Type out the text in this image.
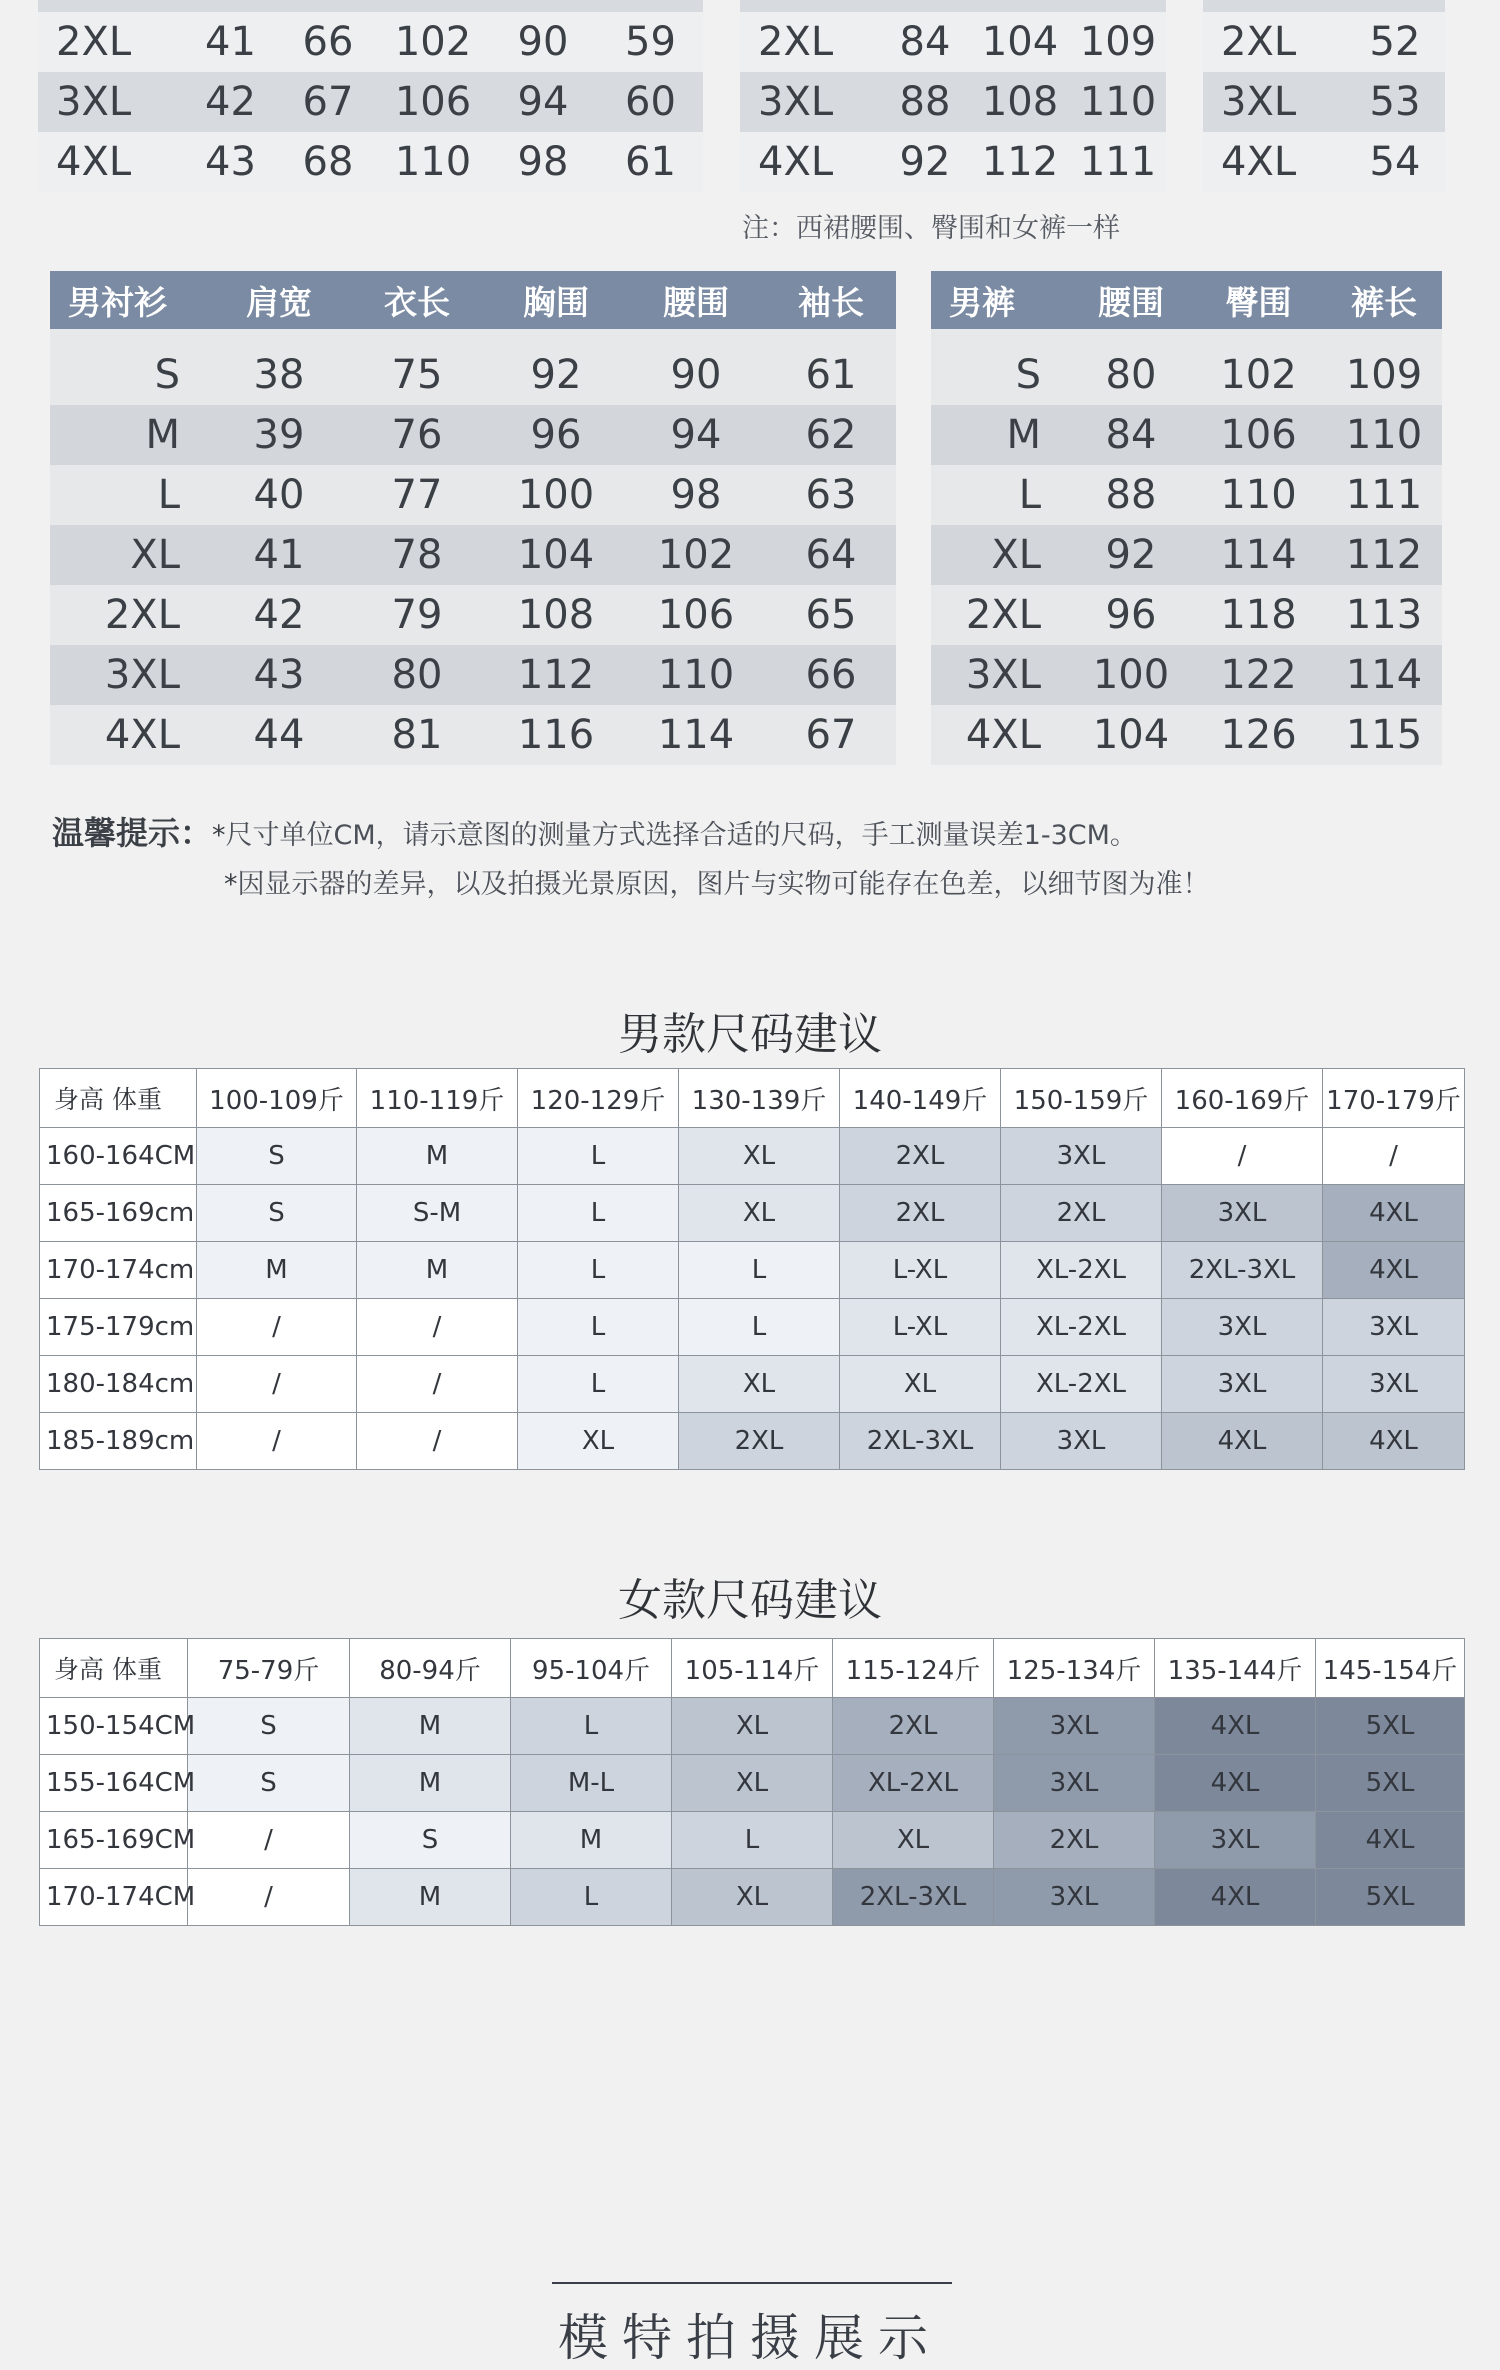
2XL	41	66	102	90	59
3XL	42	67	106	94	60
4XL	43	68	110	98	61
2XL	84	104	109
3XL	88	108	110
4XL	92	112	111
2XL	52
3XL	53
4XL	54
注：西裙腰围、臀围和女裤一样
男衬衫	肩宽	衣长	胸围	腰围	袖长

S	38	75	92	90	61
M	39	76	96	94	62
L	40	77	100	98	63
XL	41	78	104	102	64
2XL	42	79	108	106	65
3XL	43	80	112	110	66
4XL	44	81	116	114	67
男裤	腰围	臀围	裤长

S	80	102	109
M	84	106	110
L	88	110	111
XL	92	114	112
2XL	96	118	113
3XL	100	122	114
4XL	104	126	115
温馨提示：*尺寸单位CM，请示意图的测量方式选择合适的尺码，手工测量误差1-3CM。
*因显示器的差异，以及拍摄光景原因，图片与实物可能存在色差，以细节图为准！
男款尺码建议
身高 体重	100-109斤	110-119斤	120-129斤	130-139斤	140-149斤	150-159斤	160-169斤	170-179斤
160-164CM	S	M	L	XL	2XL	3XL	/	/
165-169cm	S	S-M	L	XL	2XL	2XL	3XL	4XL
170-174cm	M	M	L	L	L-XL	XL-2XL	2XL-3XL	4XL
175-179cm	/	/	L	L	L-XL	XL-2XL	3XL	3XL
180-184cm	/	/	L	XL	XL	XL-2XL	3XL	3XL
185-189cm	/	/	XL	2XL	2XL-3XL	3XL	4XL	4XL
女款尺码建议
身高 体重	75-79斤	80-94斤	95-104斤	105-114斤	115-124斤	125-134斤	135-144斤	145-154斤
150-154CM	S	M	L	XL	2XL	3XL	4XL	5XL
155-164CM	S	M	M-L	XL	XL-2XL	3XL	4XL	5XL
165-169CM	/	S	M	L	XL	2XL	3XL	4XL
170-174CM	/	M	L	XL	2XL-3XL	3XL	4XL	5XL
模特拍摄展示
